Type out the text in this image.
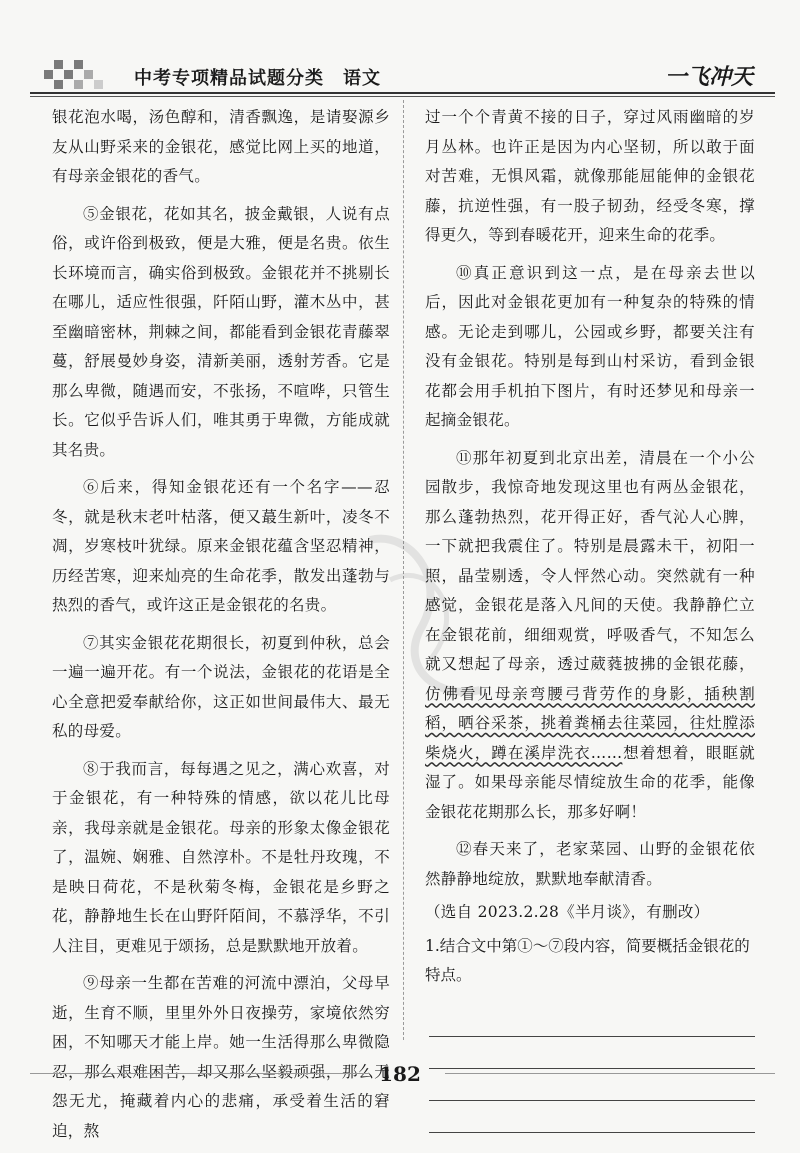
中考专项精品试题分类　语文	一飞冲天

银花泡水喝，汤色醇和，清香飘逸，是请娶源乡友从山野采来的金银花，感觉比网上买的地道，有母亲金银花的香气。

⑤金银花，花如其名，披金戴银，人说有点俗，或许俗到极致，便是大雅，便是名贵。依生长环境而言，确实俗到极致。金银花并不挑剔长在哪儿，适应性很强，阡陌山野，灌木丛中，甚至幽暗密林，荆棘之间，都能看到金银花青藤翠蔓，舒展曼妙身姿，清新美丽，透射芳香。它是那么卑微，随遇而安，不张扬，不喧哗，只管生长。它似乎告诉人们，唯其勇于卑微，方能成就其名贵。

⑥后来，得知金银花还有一个名字——忍冬，就是秋末老叶枯落，便又蕞生新叶，凌冬不凋，岁寒枝叶犹绿。原来金银花蕴含坚忍精神，历经苦寒，迎来灿亮的生命花季，散发出蓬勃与热烈的香气，或许这正是金银花的名贵。

⑦其实金银花花期很长，初夏到仲秋，总会一遍一遍开花。有一个说法，金银花的花语是全心全意把爱奉献给你，这正如世间最伟大、最无私的母爱。

⑧于我而言，每每遇之见之，满心欢喜，对于金银花，有一种特殊的情感，欲以花儿比母亲，我母亲就是金银花。母亲的形象太像金银花了，温婉、娴雅、自然淳朴。不是牡丹玫瑰，不是映日荷花，不是秋菊冬梅，金银花是乡野之花，静静地生长在山野阡陌间，不慕浮华，不引人注目，更难见于颂扬，总是默默地开放着。

⑨母亲一生都在苦难的河流中漂泊，父母早逝，生育不顺，里里外外日夜操劳，家境依然穷困，不知哪天才能上岸。她一生活得那么卑微隐忍，那么艰难困苦，却又那么坚毅顽强，那么无怨无尤，掩藏着内心的悲痛，承受着生活的窘迫，熬

过一个个青黄不接的日子，穿过风雨幽暗的岁月丛林。也许正是因为内心坚韧，所以敢于面对苦难，无惧风霜，就像那能屈能伸的金银花藤，抗逆性强，有一股子韧劲，经受冬寒，撑得更久，等到春暖花开，迎来生命的花季。

⑩真正意识到这一点，是在母亲去世以后，因此对金银花更加有一种复杂的特殊的情感。无论走到哪儿，公园或乡野，都要关注有没有金银花。特别是每到山村采访，看到金银花都会用手机拍下图片，有时还梦见和母亲一起摘金银花。

⑪那年初夏到北京出差，清晨在一个小公园散步，我惊奇地发现这里也有两丛金银花，那么蓬勃热烈，花开得正好，香气沁人心脾，一下就把我震住了。特别是晨露未干，初阳一照，晶莹剔透，令人怦然心动。突然就有一种感觉，金银花是落入凡间的天使。我静静伫立在金银花前，细细观赏，呼吸香气，不知怎么就又想起了母亲，透过葳蕤披拂的金银花藤，仿佛看见母亲弯腰弓背劳作的身影，插秧割稻，晒谷采茶，挑着粪桶去往菜园，往灶膛添柴烧火，蹲在溪岸洗衣……想着想着，眼眶就湿了。如果母亲能尽情绽放生命的花季，能像金银花花期那么长，那多好啊！

⑫春天来了，老家菜园、山野的金银花依然静静地绽放，默默地奉献清香。

（选自 2023.2.28《半月谈》，有删改）

1.结合文中第①～⑦段内容，简要概括金银花的特点。
182
